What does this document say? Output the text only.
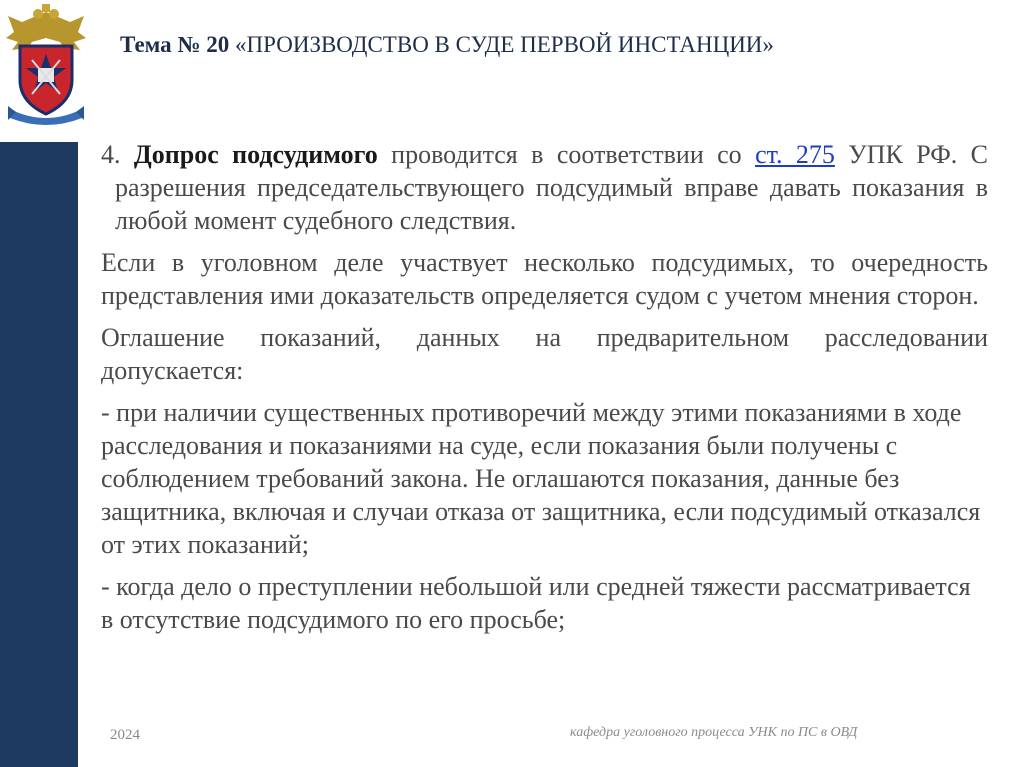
Тема № 20 «ПРОИЗВОДСТВО В СУДЕ ПЕРВОЙ ИНСТАНЦИИ»

4. Допрос подсудимого проводится в соответствии со ст. 275 УПК РФ. С разрешения председательствующего подсудимый вправе давать показания в любой момент судебного следствия.

Если в уголовном деле участвует несколько подсудимых, то очередность представления ими доказательств определяется судом с учетом мнения сторон.

Оглашение показаний, данных на предварительном расследовании допускается:

- при наличии существенных противоречий между этими показаниями в ходе расследования и показаниями на суде, если показания были получены с соблюдением требований закона. Не оглашаются показания, данные без защитника, включая и случаи отказа от защитника, если подсудимый отказался от этих показаний;

- когда дело о преступлении небольшой или средней тяжести рассматривается в отсутствие подсудимого по его просьбе;

2024	кафедра уголовного процесса УНК по ПС в ОВД
